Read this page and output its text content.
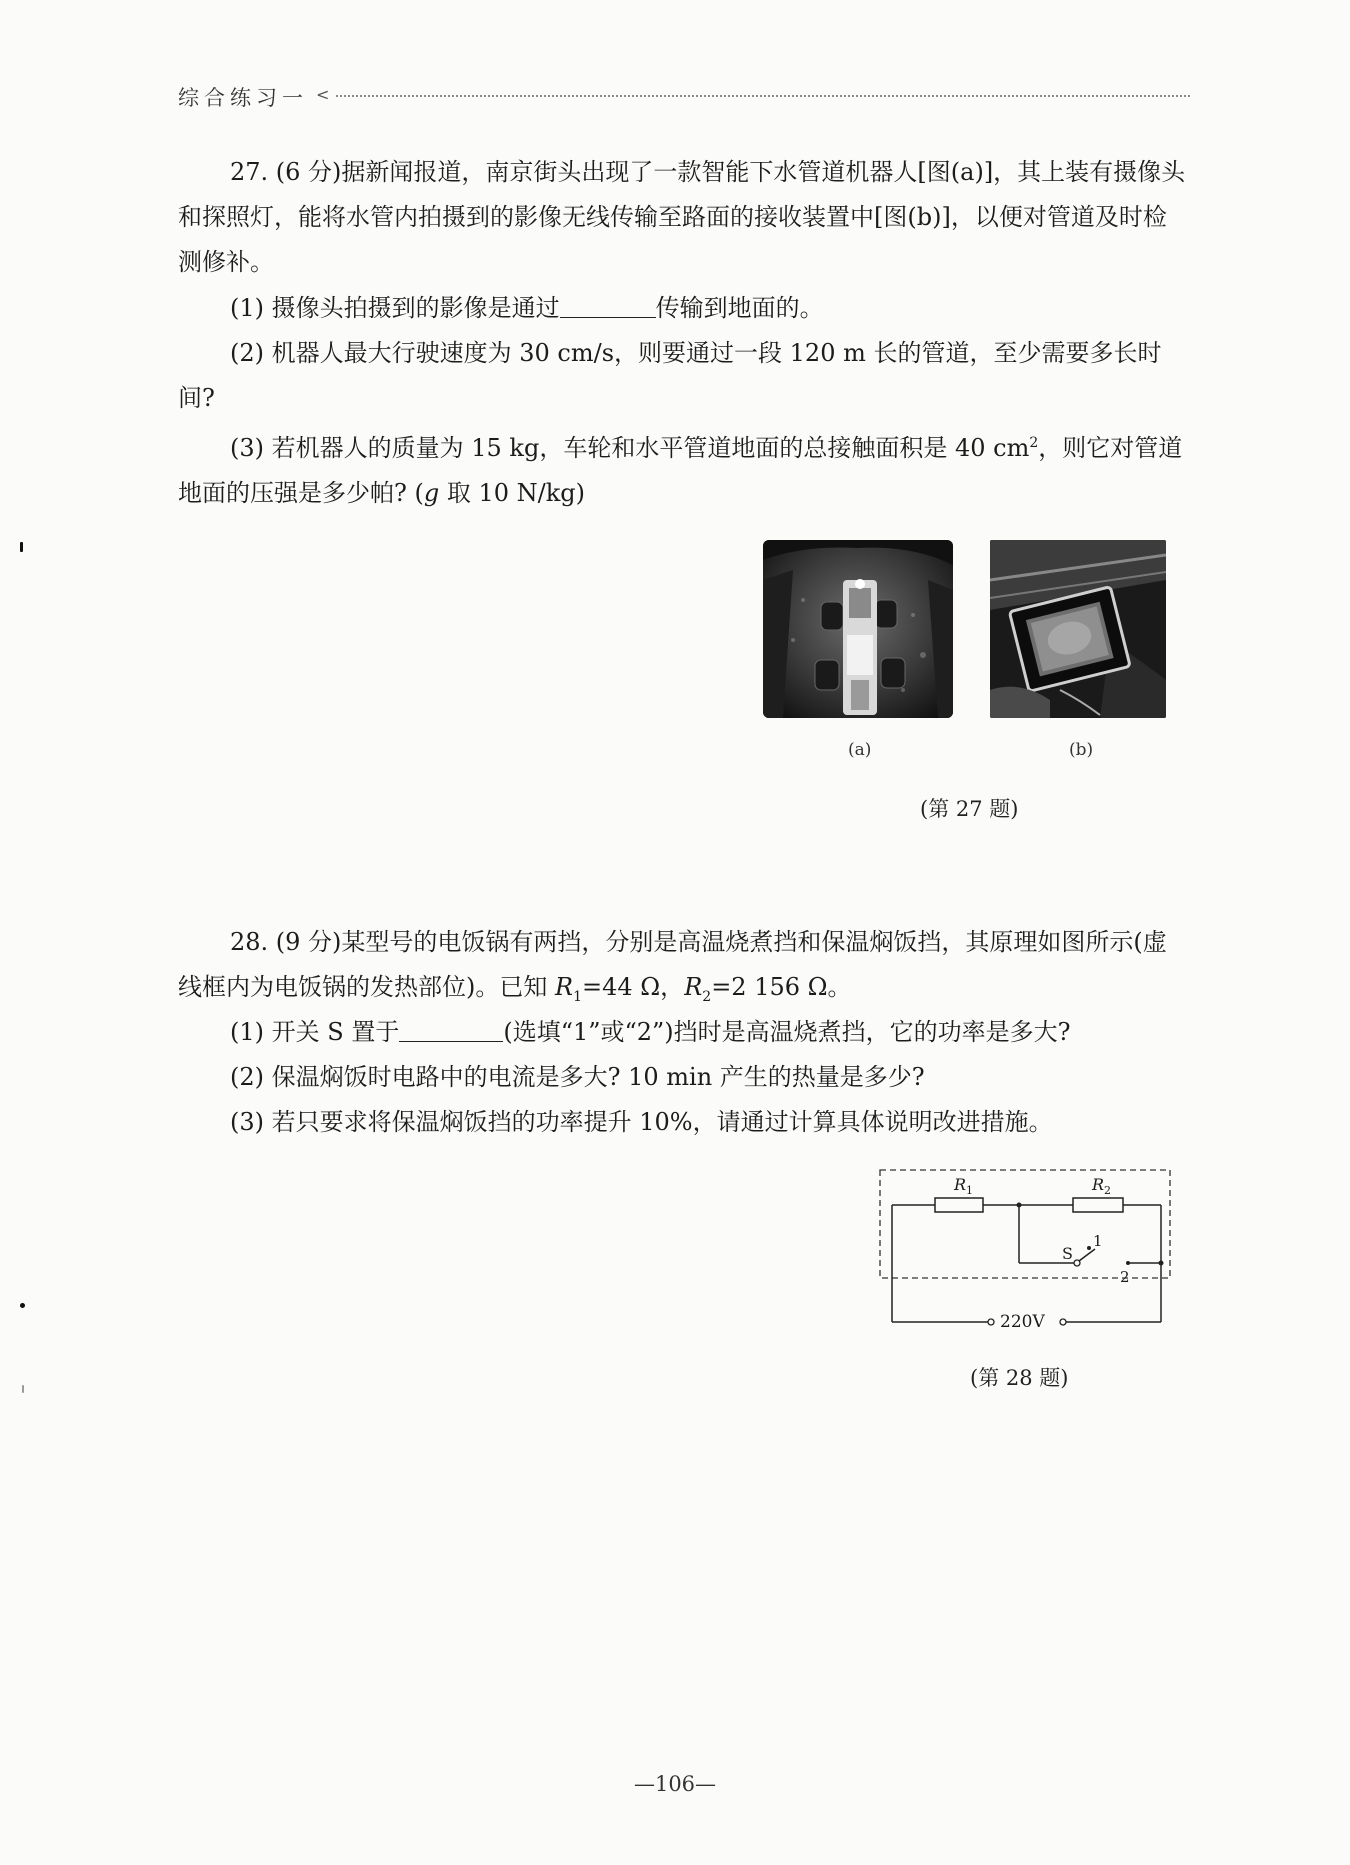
综合练习一 <

27. (6 分)据新闻报道，南京街头出现了一款智能下水管道机器人[图(a)]，其上装有摄像头和探照灯，能将水管内拍摄到的影像无线传输至路面的接收装置中[图(b)]，以便对管道及时检测修补。

(1) 摄像头拍摄到的影像是通过	传输到地面的。

(2) 机器人最大行驶速度为 30 cm/s，则要通过一段 120 m 长的管道，至少需要多长时间?

(3) 若机器人的质量为 15 kg，车轮和水平管道地面的总接触面积是 40 $cm^2$，则它对管道地面的压强是多少帕? (g 取 10 N/kg)

(a)	(b)
(第 27 题)

28. (9 分)某型号的电饭锅有两挡，分别是高温烧煮挡和保温焖饭挡，其原理如图所示(虚线框内为电饭锅的发热部位)。已知 $R_1=44$ Ω，$R_2=2$ 156 Ω。

(1) 开关 S 置于	(选填“1”或“2”)挡时是高温烧煮挡，它的功率是多大?

(2) 保温焖饭时电路中的电流是多大? 10 min 产生的热量是多少?

(3) 若只要求将保温焖饭挡的功率提升 10%，请通过计算具体说明改进措施。

$R_1$	$R_2$
S
1
2
220V
(第 28 题)
—106—
